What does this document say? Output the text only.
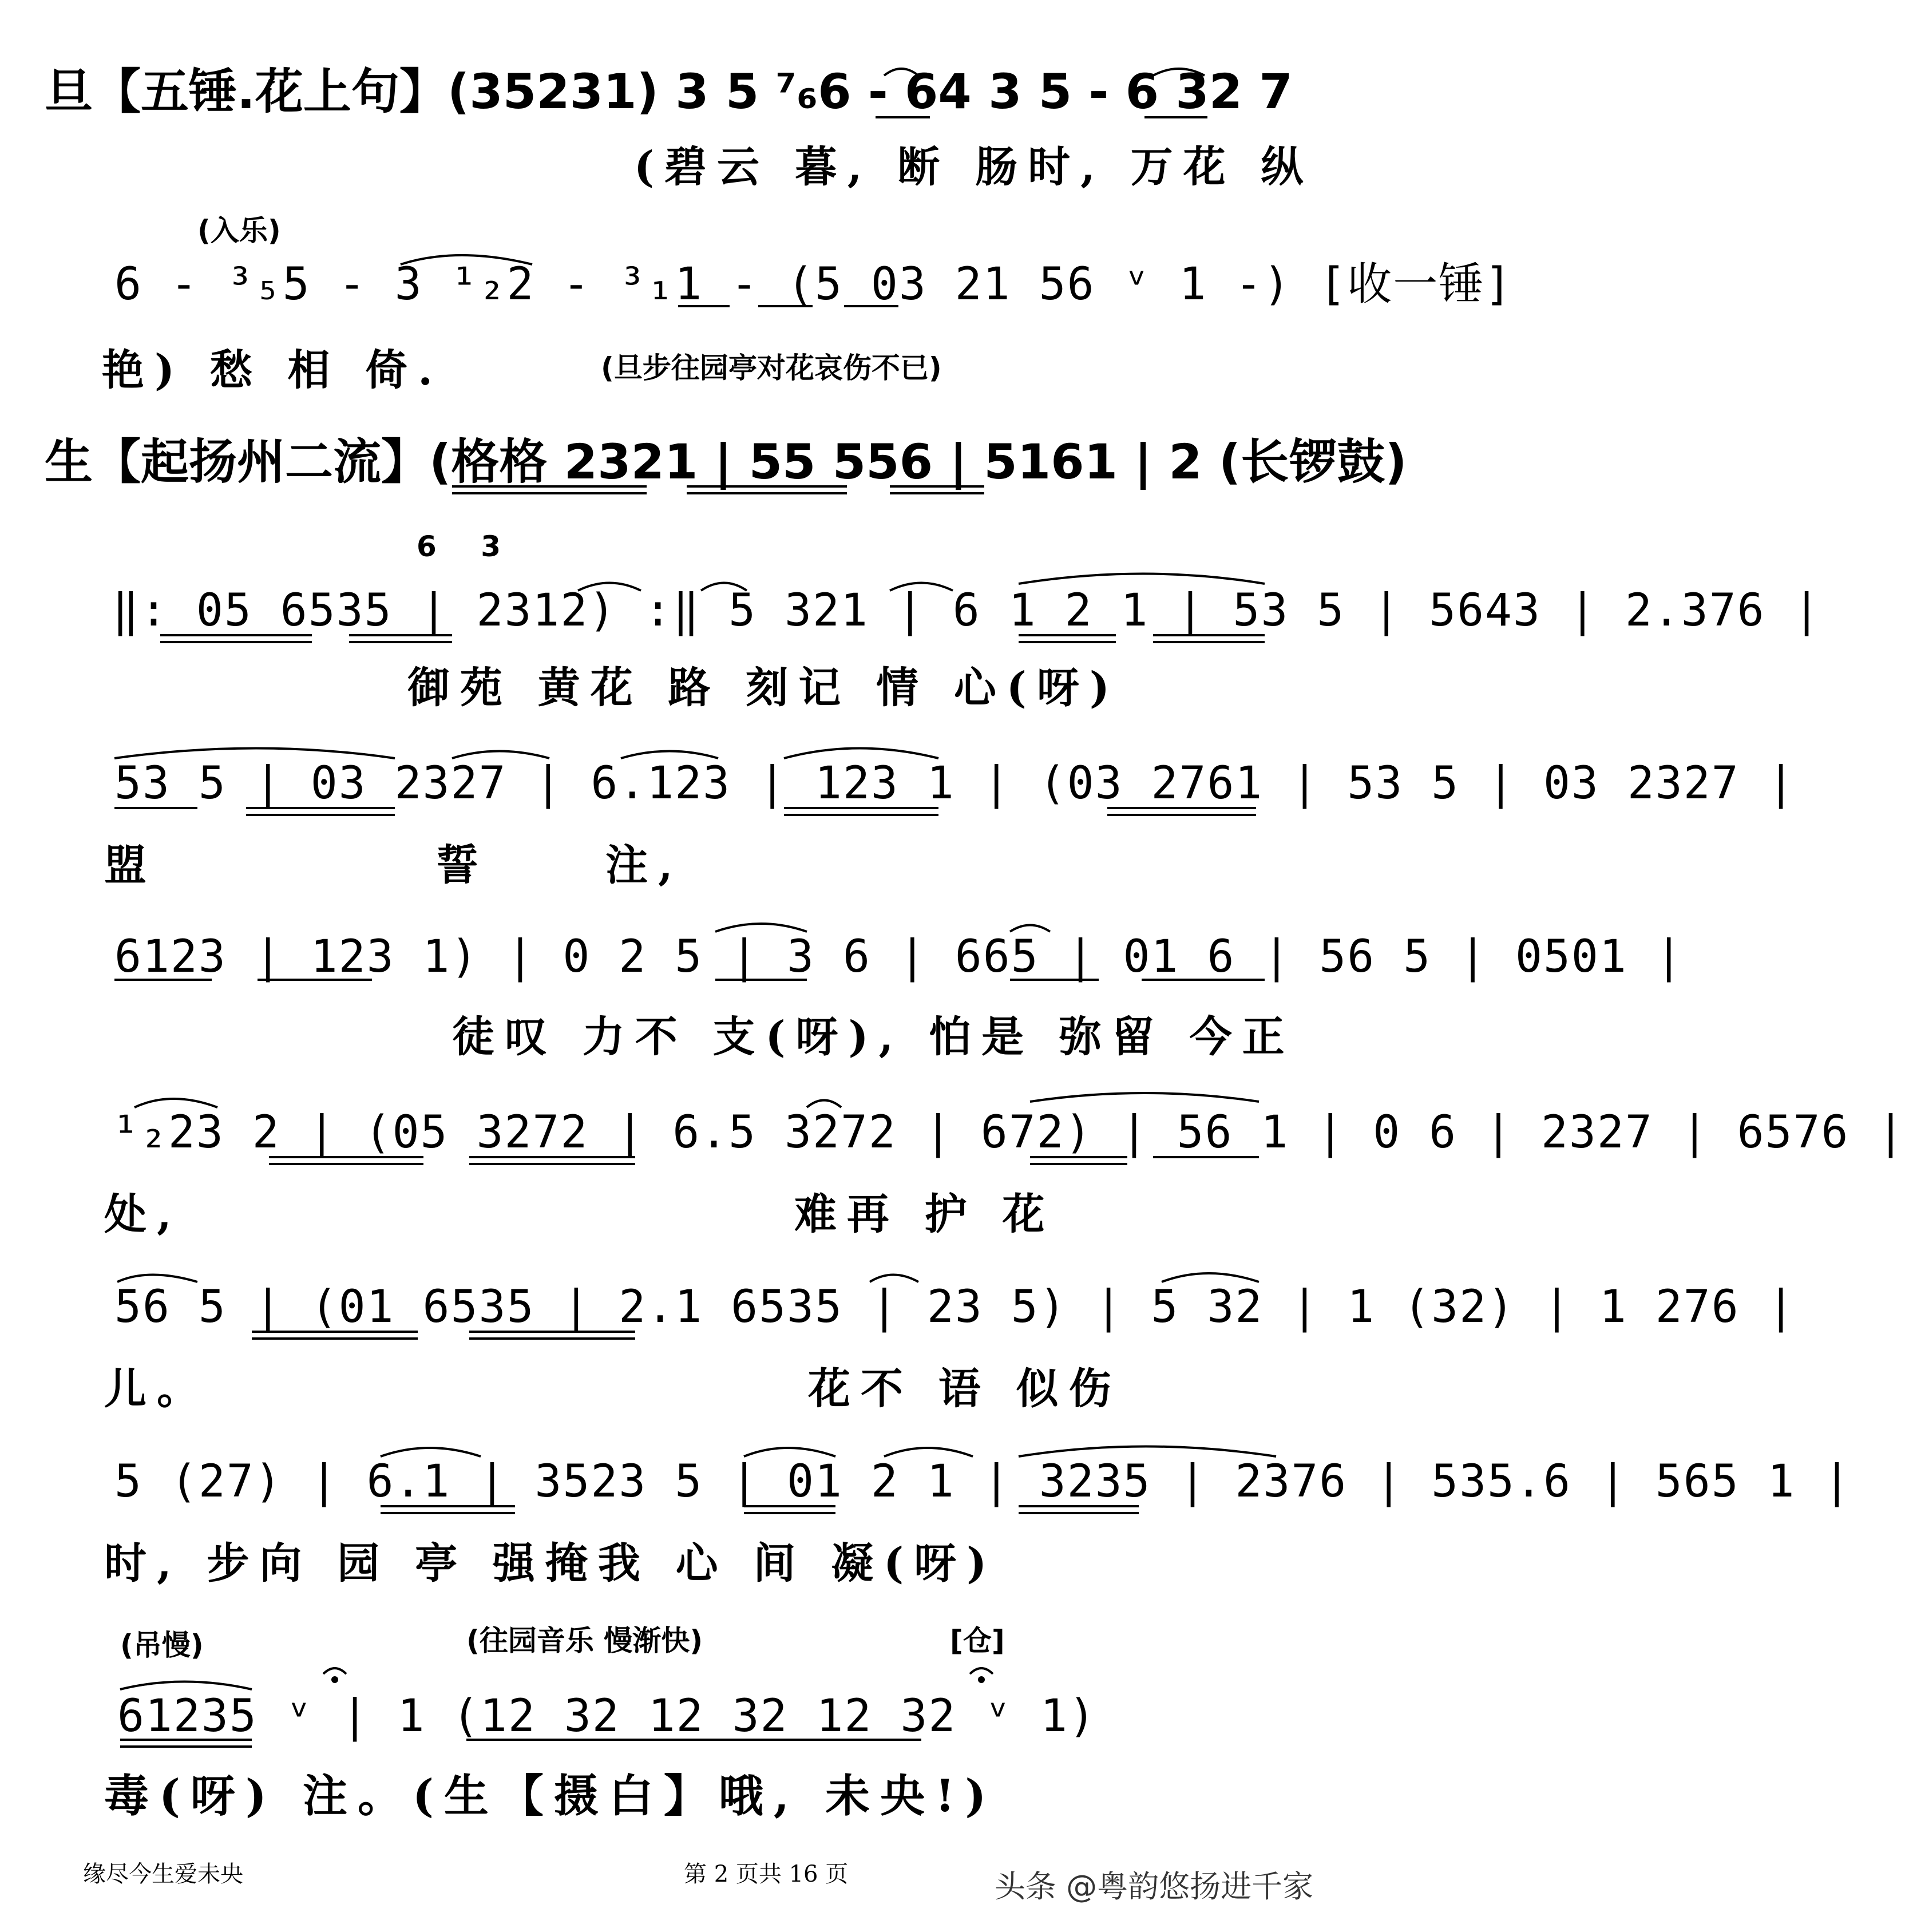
旦【五锤.花上句】(35231) 3 5 ⁷₆6 - 64 3 5 - 6 32 7
(碧云 暮, 断 肠时, 万花 纵
(入乐)
6 - ³₅5 - 3 ¹₂2 - ³₁1 - (5 03 21 56 ᵛ 1 -) [收一锤]
艳) 愁 相 倚.	(旦步往园亭对花哀伤不已)
生【起扬州二流】(格格 2321 | 55 556 | 5161 | 2 (长锣鼓)
6 3
‖: 05 6535 | 2312) :‖ 5 321 | 6 1 2 1 | 53 5 | 5643 | 2.376 |
御苑 黄花 路 刻记 情 心(呀)
53 5 | 03 2327 | 6.123 | 123 1 | (03 2761 | 53 5 | 03 2327 |
盟	誓	注,
6123 | 123 1) | 0 2 5 | 3 6 | 665 | 01 6 | 56 5 | 0501 |
徒叹 力不 支(呀), 怕是 弥留 今正
¹₂23 2 | (05 3272 | 6.5 3272 | 672) | 56 1 | 0 6 | 2327 | 6576 |
处,	难再 护 花
56 5 | (01 6535 | 2.1 6535 | 23 5) | 5 32 | 1 (32) | 1 276 |
儿。	花不 语 似伤
5 (27) | 6.1 | 3523 5 | 01 2 1 | 3235 | 2376 | 535.6 | 565 1 |
时, 步向 园 亭 强掩我 心 间 凝(呀)
(吊慢)	(往园音乐 慢渐快)	[仓]
61235 ᵛ | 1 (12 32 12 32 12 32 ᵛ 1)
毒(呀) 注。(生【摄白】哦, 未央!)
缘尽今生爱未央	第 2 页共 16 页	头条 @粤韵悠扬进千家
